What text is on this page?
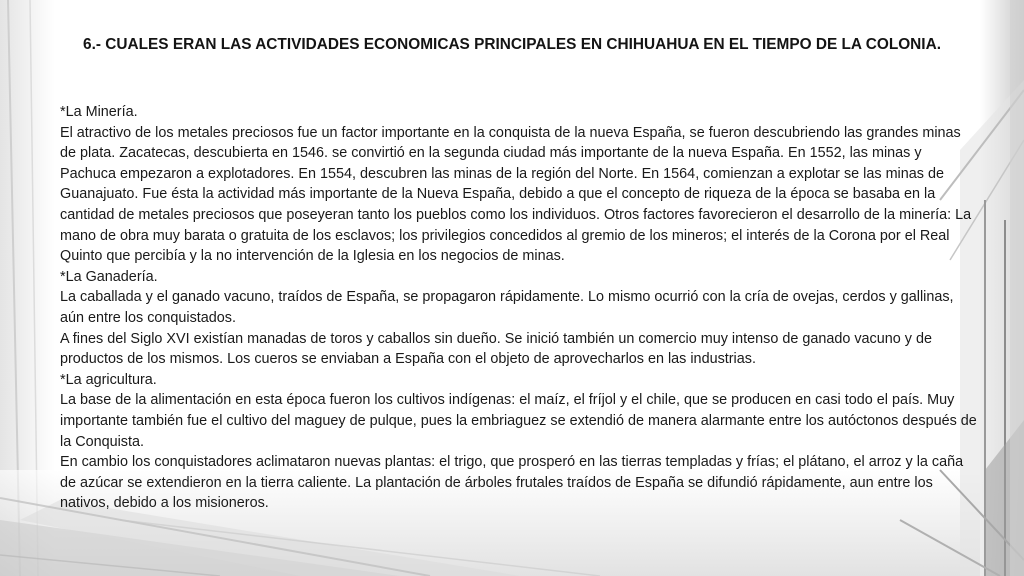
6.- CUALES ERAN LAS ACTIVIDADES ECONOMICAS PRINCIPALES EN CHIHUAHUA EN EL TIEMPO DE LA COLONIA.

*La Minería.

El atractivo de los metales preciosos fue un factor importante en la conquista de la nueva España, se fueron descubriendo las grandes minas de plata. Zacatecas, descubierta en 1546. se convirtió en la segunda ciudad más importante de la nueva España. En 1552, las minas y Pachuca empezaron a explotadores. En 1554, descubren las minas de la región del Norte. En 1564, comienzan a explotar se las minas de Guanajuato. Fue ésta la actividad más importante de la Nueva España, debido a que el concepto de riqueza de la época se basaba en la cantidad de metales preciosos que poseyeran tanto los pueblos como los individuos. Otros factores favorecieron el desarrollo de la minería: La mano de obra muy barata o gratuita de los esclavos; los privilegios concedidos al gremio de los mineros; el interés de la Corona por el Real Quinto que percibía y la no intervención de la Iglesia en los negocios de minas.

*La Ganadería.

La caballada y el ganado vacuno, traídos de España, se propagaron rápidamente. Lo mismo ocurrió con la cría de ovejas, cerdos y gallinas, aún entre los conquistados.

A fines del Siglo XVI existían manadas de toros y caballos sin dueño. Se inició también un comercio muy intenso de ganado vacuno y de productos de los mismos. Los cueros se enviaban a España con el objeto de aprovecharlos en las industrias.

*La agricultura.

La base de la alimentación en esta época fueron los cultivos indígenas: el maíz, el fríjol y el chile, que se producen en casi todo el país. Muy importante también fue el cultivo del maguey de pulque, pues la embriaguez se extendió de manera alarmante entre los autóctonos después de la Conquista.

En cambio los conquistadores aclimataron nuevas plantas: el trigo, que prosperó en las tierras templadas y frías; el plátano, el arroz y la caña de azúcar se extendieron en la tierra caliente. La plantación de árboles frutales traídos de España se difundió rápidamente, aun entre los nativos, debido a los misioneros.
